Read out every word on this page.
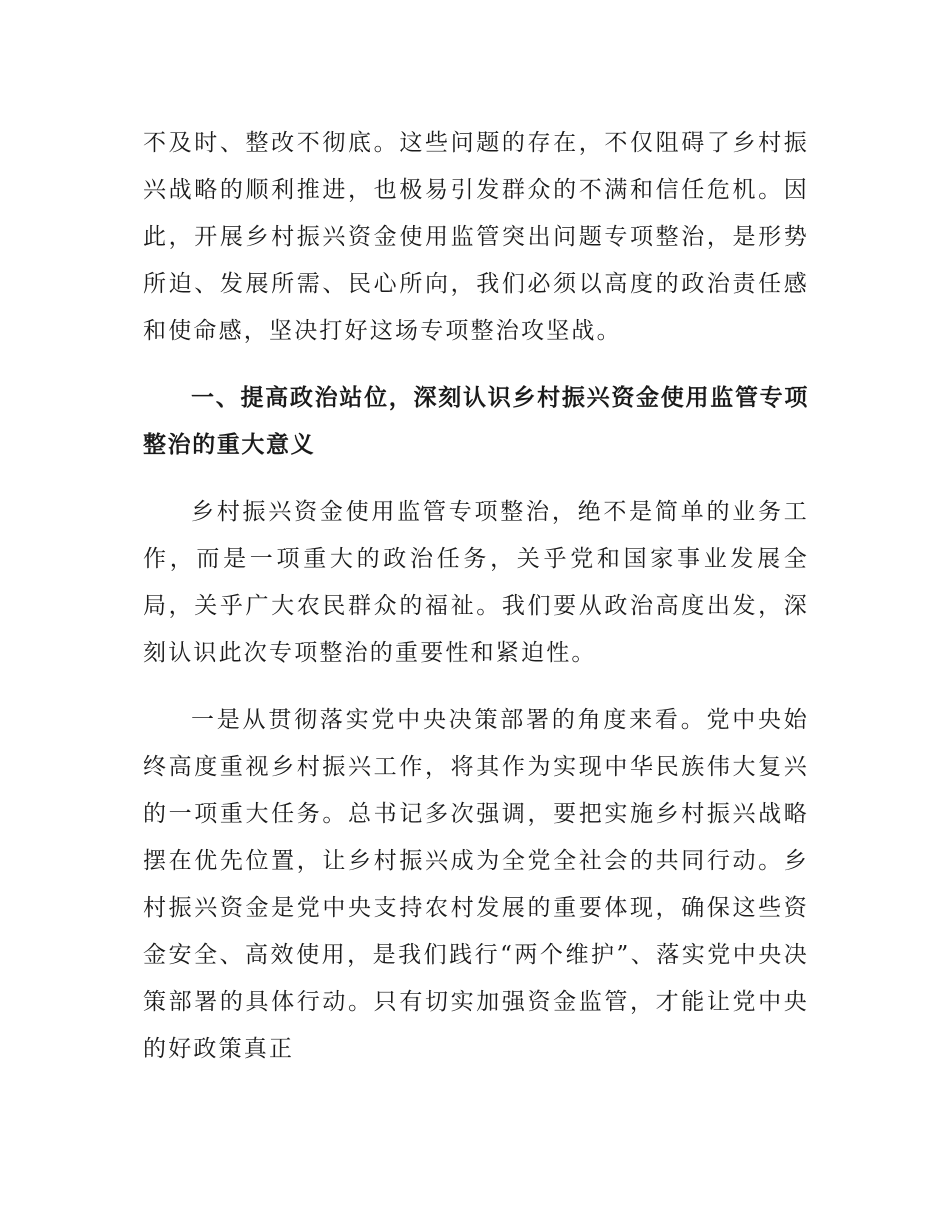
不及时、整改不彻底。这些问题的存在，不仅阻碍了乡村振兴战略的顺利推进，也极易引发群众的不满和信任危机。因此，开展乡村振兴资金使用监管突出问题专项整治，是形势所迫、发展所需、民心所向，我们必须以高度的政治责任感和使命感，坚决打好这场专项整治攻坚战。

一、提高政治站位，深刻认识乡村振兴资金使用监管专项整治的重大意义

乡村振兴资金使用监管专项整治，绝不是简单的业务工作，而是一项重大的政治任务，关乎党和国家事业发展全局，关乎广大农民群众的福祉。我们要从政治高度出发，深刻认识此次专项整治的重要性和紧迫性。

一是从贯彻落实党中央决策部署的角度来看。党中央始终高度重视乡村振兴工作，将其作为实现中华民族伟大复兴的一项重大任务。总书记多次强调，要把实施乡村振兴战略摆在优先位置，让乡村振兴成为全党全社会的共同行动。乡村振兴资金是党中央支持农村发展的重要体现，确保这些资金安全、高效使用，是我们践行“两个维护”、落实党中央决策部署的具体行动。只有切实加强资金监管，才能让党中央的好政策真正
